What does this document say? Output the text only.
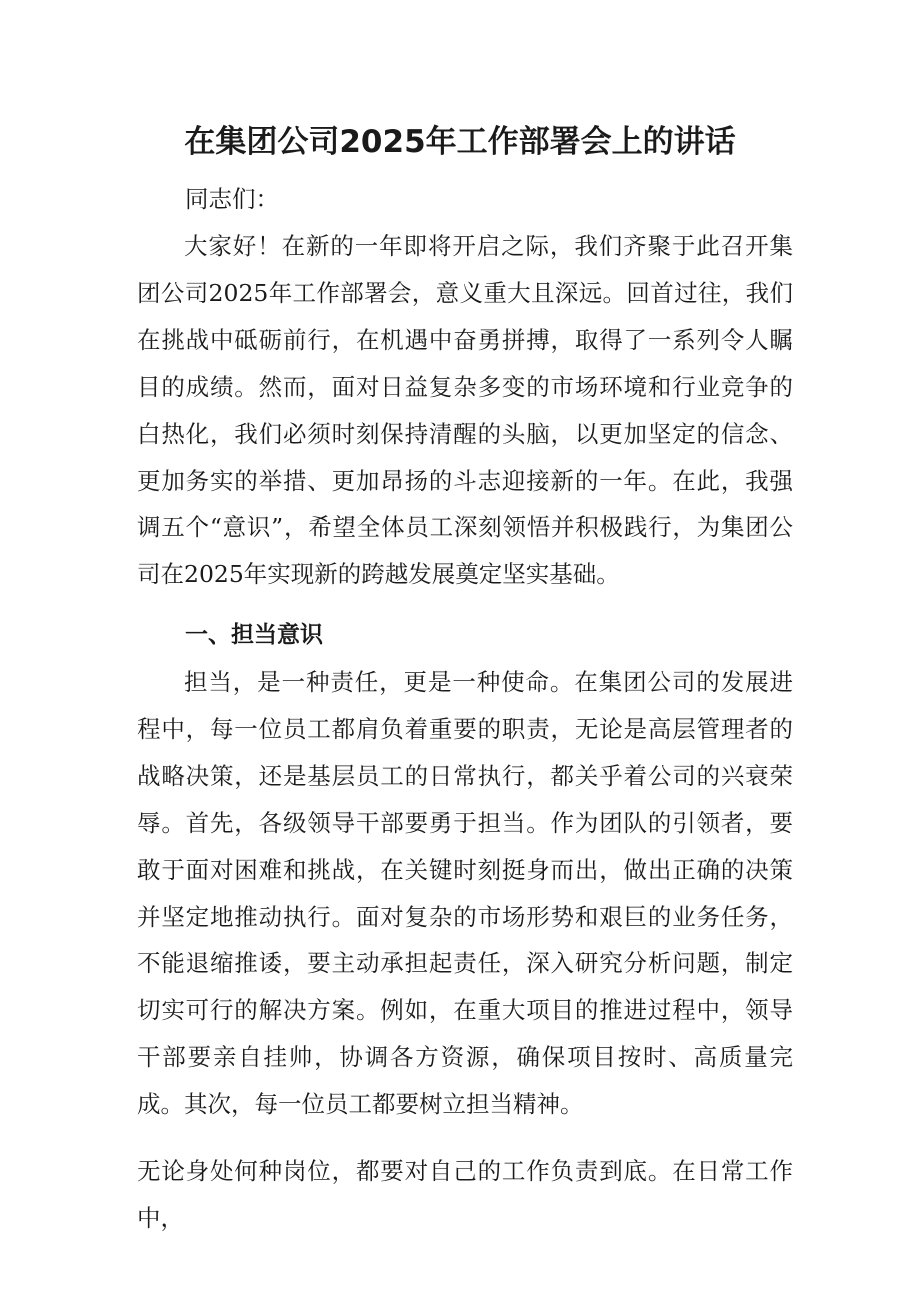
在集团公司2025年工作部署会上的讲话

同志们：

大家好！在新的一年即将开启之际，我们齐聚于此召开集团公司2025年工作部署会，意义重大且深远。回首过往，我们在挑战中砥砺前行，在机遇中奋勇拼搏，取得了一系列令人瞩目的成绩。然而，面对日益复杂多变的市场环境和行业竞争的白热化，我们必须时刻保持清醒的头脑，以更加坚定的信念、更加务实的举措、更加昂扬的斗志迎接新的一年。在此，我强调五个“意识”，希望全体员工深刻领悟并积极践行，为集团公司在2025年实现新的跨越发展奠定坚实基础。

一、担当意识

担当，是一种责任，更是一种使命。在集团公司的发展进程中，每一位员工都肩负着重要的职责，无论是高层管理者的战略决策，还是基层员工的日常执行，都关乎着公司的兴衰荣辱。首先，各级领导干部要勇于担当。作为团队的引领者，要敢于面对困难和挑战，在关键时刻挺身而出，做出正确的决策并坚定地推动执行。面对复杂的市场形势和艰巨的业务任务，不能退缩推诿，要主动承担起责任，深入研究分析问题，制定切实可行的解决方案。例如，在重大项目的推进过程中，领导干部要亲自挂帅，协调各方资源，确保项目按时、高质量完成。其次，每一位员工都要树立担当精神。

无论身处何种岗位，都要对自己的工作负责到底。在日常工作中，
